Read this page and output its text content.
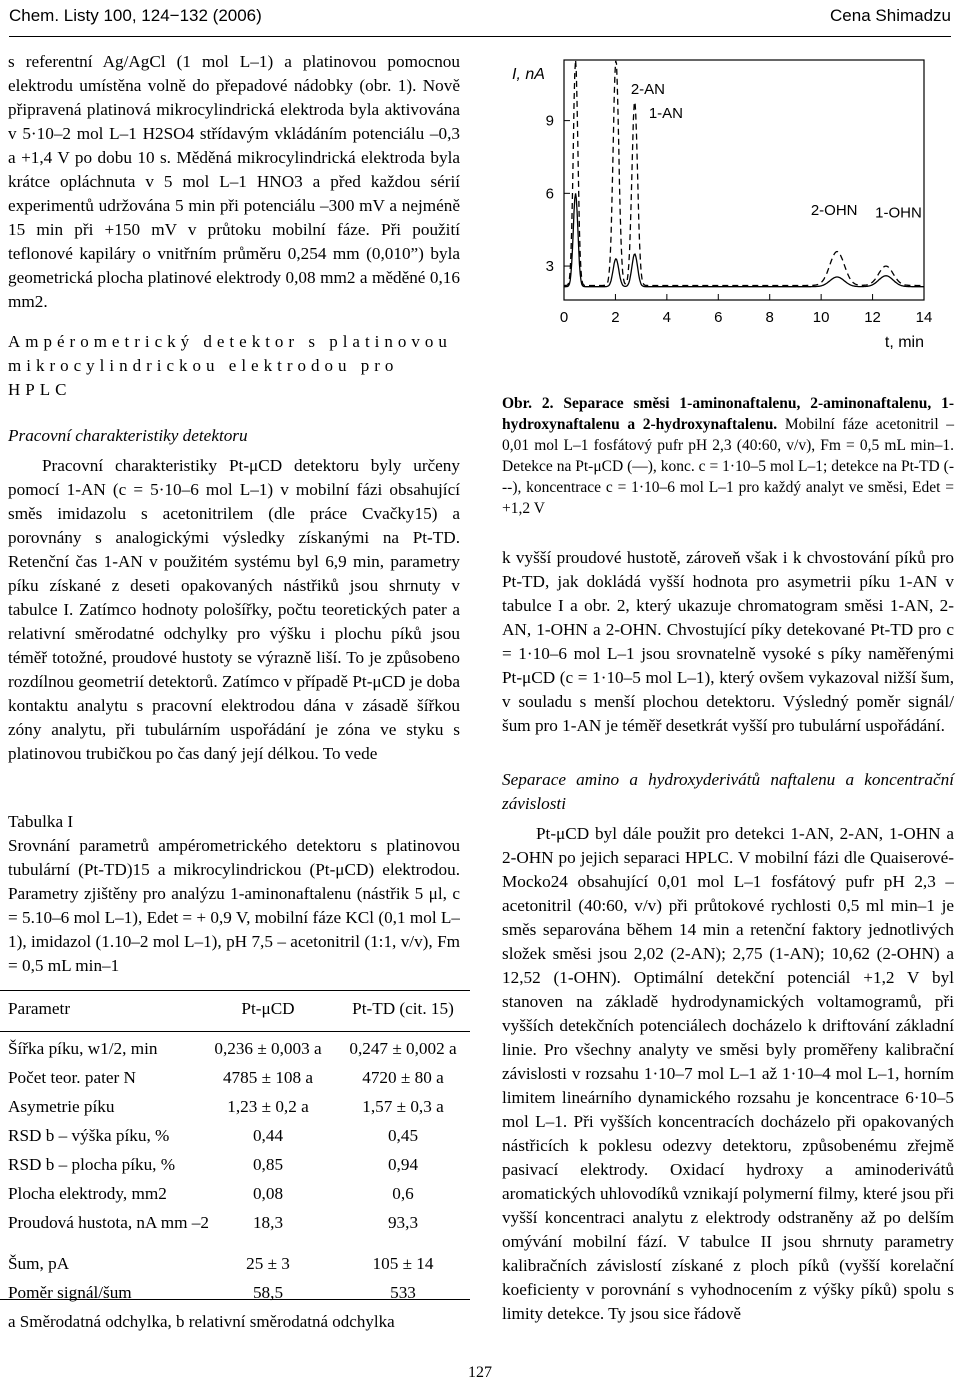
Chem. Listy 100, 124−132 (2006)	Cena Shimadzu

s referentní Ag/AgCl (1 mol L–1) a platinovou pomocnou elektrodu umístěna volně do přepadové nádobky (obr. 1). Nově připravená platinová mikrocylindrická elektroda byla aktivována v 5·10–2 mol L–1 H2SO4 střídavým vkládáním potenciálu –0,3 a +1,4 V po dobu 10 s. Měděná mikrocylindrická elektroda byla krátce opláchnuta v 5 mol L–1 HNO3 a před každou sérií experimentů udržována 5 min při potenciálu –300 mV a nejméně 15 min při +150 mV v průtoku mobilní fáze. Při použití teflonové kapiláry o vnitřním průměru 0,254 mm (0,010”) byla geometrická plocha platinové elektrody 0,08 mm2 a měděné 0,16 mm2.

Ampérometrický detektor s platinovou mikrocylindrickou elektrodou pro HPLC

Pracovní charakteristiky detektoru

Pracovní charakteristiky Pt-μCD detektoru byly určeny pomocí 1-AN (c = 5·10–6 mol L–1) v mobilní fázi obsahující směs imidazolu s acetonitrilem (dle práce Cvačky15) a porovnány s analogickými výsledky získanými na Pt-TD. Retenční čas 1-AN v použitém systému byl 6,9 min, parametry píku získané z deseti opakovaných nástřiků jsou shrnuty v tabulce I. Zatímco hodnoty pološířky, počtu teoretických pater a relativní směrodatné odchylky pro výšku i plochu píků jsou téměř totožné, proudové hustoty se výrazně liší. To je způsobeno rozdílnou geometrií detektorů. Zatímco v případě Pt-μCD je doba kontaktu analytu s pracovní elektrodou dána v zásadě šířkou zóny analytu, při tubulárním uspořádání je zóna ve styku s platinovou trubičkou po čas daný její délkou. To vede

Tabulka I

Srovnání parametrů ampérometrického detektoru s platinovou tubulární (Pt-TD)15 a mikrocylindrickou (Pt-μCD) elektrodou. Parametry zjištěny pro analýzu 1-aminonaftalenu (nástřik 5 μl, c = 5.10–6 mol L–1), Edet = + 0,9 V, mobilní fáze KCl (0,1 mol L–1), imidazol (1.10–2 mol L–1), pH 7,5 – acetonitril (1:1, v/v), Fm = 0,5 mL min–1

Parametr	Pt-μCD	Pt-TD (cit. 15)
Šířka píku, w1/2, min	0,236 ± 0,003 a	0,247 ± 0,002 a
Počet teor. pater N	4785 ± 108 a	4720 ± 80 a
Asymetrie píku	1,23 ± 0,2 a	1,57 ± 0,3 a
RSD b – výška píku, %	0,44	0,45
RSD b – plocha píku, %	0,85	0,94
Plocha elektrody, mm2	0,08	0,6
Proudová hustota, nA mm –2	18,3	93,3
Šum, pA	25 ± 3	105 ± 14
Poměr signál/šum	58,5	533
a Směrodatná odchylka, b relativní směrodatná odchylka
0	2	4	6	8	10 12 14
3
6
9
I, nA
t, min
2-AN
1-AN
2-OHN 1-OHN
Obr. 2. Separace směsi 1-aminonaftalenu, 2-aminonaftalenu, 1-hydroxynaftalenu a 2-hydroxynaftalenu. Mobilní fáze acetonitril – 0,01 mol L–1 fosfátový pufr pH 2,3 (40:60, v/v), Fm = 0,5 mL min–1. Detekce na Pt-μCD (—), konc. c = 1·10–5 mol L–1; detekce na Pt-TD (---), koncentrace c = 1·10–6 mol L–1 pro každý analyt ve směsi, Edet = +1,2 V

k vyšší proudové hustotě, zároveň však i k chvostování píků pro Pt-TD, jak dokládá vyšší hodnota pro asymetrii píku 1-AN v tabulce I a obr. 2, který ukazuje chromatogram směsi 1-AN, 2-AN, 1-OHN a 2-OHN. Chvostující píky detekované Pt-TD pro c = 1·10–6 mol L–1 jsou srovnatelně vysoké s píky naměřenými Pt-μCD (c = 1·10–5 mol L–1), který ovšem vykazoval nižší šum, v souladu s menší plochou detektoru. Výsledný poměr signál/šum pro 1-AN je téměř desetkrát vyšší pro tubulární uspořádání.

Separace amino a hydroxyderivátů naftalenu a koncentrační závislosti

Pt-μCD byl dále použit pro detekci 1-AN, 2-AN, 1-OHN a 2-OHN po jejich separaci HPLC. V mobilní fázi dle Quaiserové-Mocko24 obsahující 0,01 mol L–1 fosfátový pufr pH 2,3 – acetonitril (40:60, v/v) při průtokové rychlosti 0,5 ml min–1 je směs separována během 14 min a retenční faktory jednotlivých složek směsi jsou 2,02 (2-AN); 2,75 (1-AN); 10,62 (2-OHN) a 12,52 (1-OHN). Optimální detekční potenciál +1,2 V byl stanoven na základě hydrodynamických voltamogramů, při vyšších detekčních potenciálech docházelo k driftování základní linie. Pro všechny analyty ve směsi byly proměřeny kalibrační závislosti v rozsahu 1·10–7 mol L–1 až 1·10–4 mol L–1, horním limitem lineárního dynamického rozsahu je koncentrace 6·10–5 mol L–1. Při vyšších koncentracích docházelo při opakovaných nástřicích k poklesu odezvy detektoru, způsobenému zřejmě pasivací elektrody. Oxidací hydroxy a aminoderivátů aromatických uhlovodíků vznikají polymerní filmy, které jsou při vyšší koncentraci analytu z elektrody odstraněny až po delším omývání mobilní fází. V tabulce II jsou shrnuty parametry kalibračních závislostí získané z ploch píků (vyšší korelační koeficienty v porovnání s vyhodnocením z výšky píků) spolu s limity detekce. Ty jsou sice řádově

127
